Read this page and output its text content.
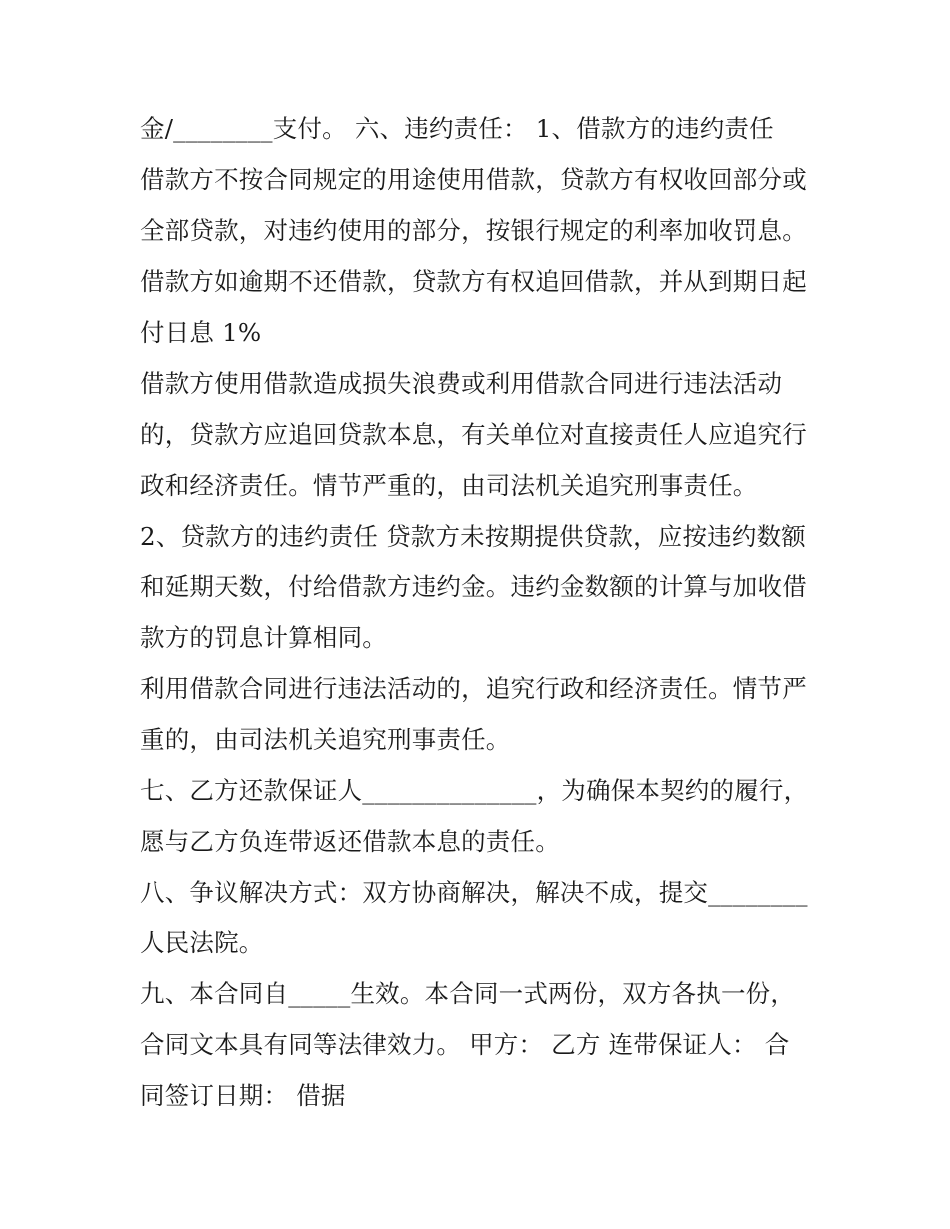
金/________支付。 六、违约责任： 1、借款方的违约责任
借款方不按合同规定的用途使用借款，贷款方有权收回部分或
全部贷款，对违约使用的部分，按银行规定的利率加收罚息。
借款方如逾期不还借款，贷款方有权追回借款，并从到期日起
付日息 1%
借款方使用借款造成损失浪费或利用借款合同进行违法活动
的，贷款方应追回贷款本息，有关单位对直接责任人应追究行
政和经济责任。情节严重的，由司法机关追究刑事责任。
2、贷款方的违约责任 贷款方未按期提供贷款，应按违约数额
和延期天数，付给借款方违约金。违约金数额的计算与加收借
款方的罚息计算相同。
利用借款合同进行违法活动的，追究行政和经济责任。情节严
重的，由司法机关追究刑事责任。
七、乙方还款保证人______________，为确保本契约的履行，
愿与乙方负连带返还借款本息的责任。
八、争议解决方式：双方协商解决，解决不成，提交________
人民法院。
九、本合同自_____生效。本合同一式两份，双方各执一份，
合同文本具有同等法律效力。 甲方： 乙方 连带保证人： 合
同签订日期： 借据
